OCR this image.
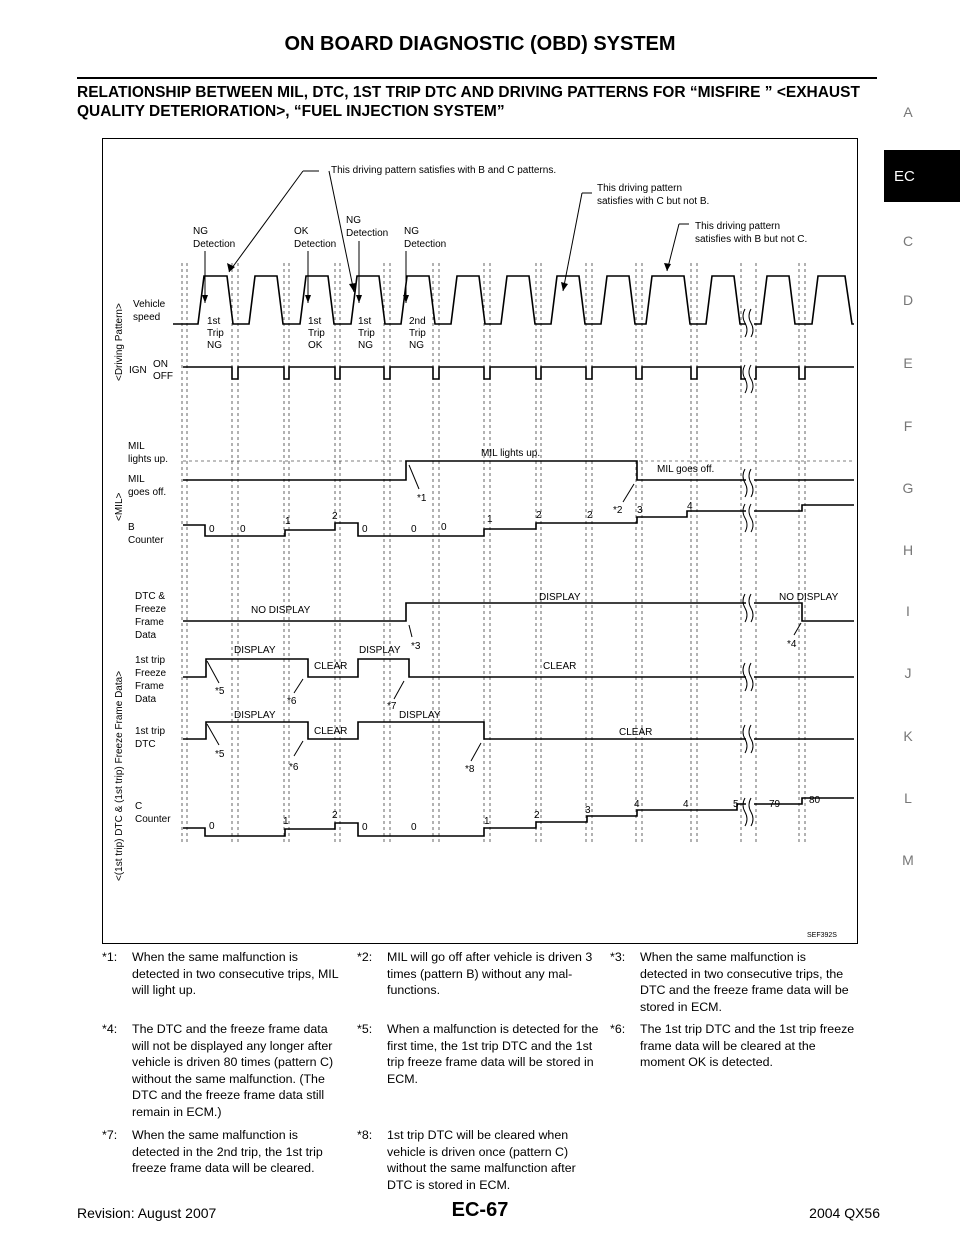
ON BOARD DIAGNOSTIC (OBD) SYSTEM
RELATIONSHIP BETWEEN MIL, DTC, 1ST TRIP DTC AND DRIVING PATTERNS FOR “MISFIRE ” <EXHAUST QUALITY DETERIORATION>, “FUEL INJECTION SYSTEM”	A
EC
C
D
E
F
G
H
I
J
K
L
M
This driving pattern satisfies with B and C patterns.
This driving pattern
satisfies with C but not B.
This driving pattern
satisfies with B but not C.
NG
Detection
OK
Detection
NG
Detection NG
Detection
<Driving Pattern>
<MIL>
<(1st trip) DTC & (1st trip) Freeze Frame Data>
Vehicle
speed
IGN
ON
OFF
MIL
lights up.
MIL
goes off.
B
Counter
DTC &
Freeze
Frame
Data
1st trip
Freeze
Frame
Data
1st trip
DTC
C
Counter
1st
Trip
NG
1st
Trip
OK
1st
Trip
NG
2nd
Trip
NG
MIL lights up.
MIL goes off.
0	0
1	2
0	0 0
1	2	2	3	4
NO DISPLAY
DISPLAY	NO DISPLAY
DISPLAY
CLEAR
DISPLAY
CLEAR
DISPLAY
CLEAR
DISPLAY
CLEAR
0	1
2
0	0
1
2	3
4	4	5	79	80
*1
*2
*3	*4
*5
*6	*7
*5
*6	*8
SEF392S
*1: When the same malfunction is detected in two consecutive trips, MIL will light up.
*2: MIL will go off after vehicle is driven 3 times (pattern B) without any mal-functions.
*3: When the same malfunction is detected in two consecutive trips, the DTC and the freeze frame data will be stored in ECM.
*4: The DTC and the freeze frame data will not be displayed any longer after vehicle is driven 80 times (pattern C) without the same malfunction. (The DTC and the freeze frame data still remain in ECM.)
*5: When a malfunction is detected for the first time, the 1st trip DTC and the 1st trip freeze frame data will be stored in ECM.
*6: The 1st trip DTC and the 1st trip freeze frame data will be cleared at the moment OK is detected.
*7: When the same malfunction is detected in the 2nd trip, the 1st trip freeze frame data will be cleared.
*8: 1st trip DTC will be cleared when vehicle is driven once (pattern C) without the same malfunction after DTC is stored in ECM.
Revision: August 2007	EC-67	2004 QX56
